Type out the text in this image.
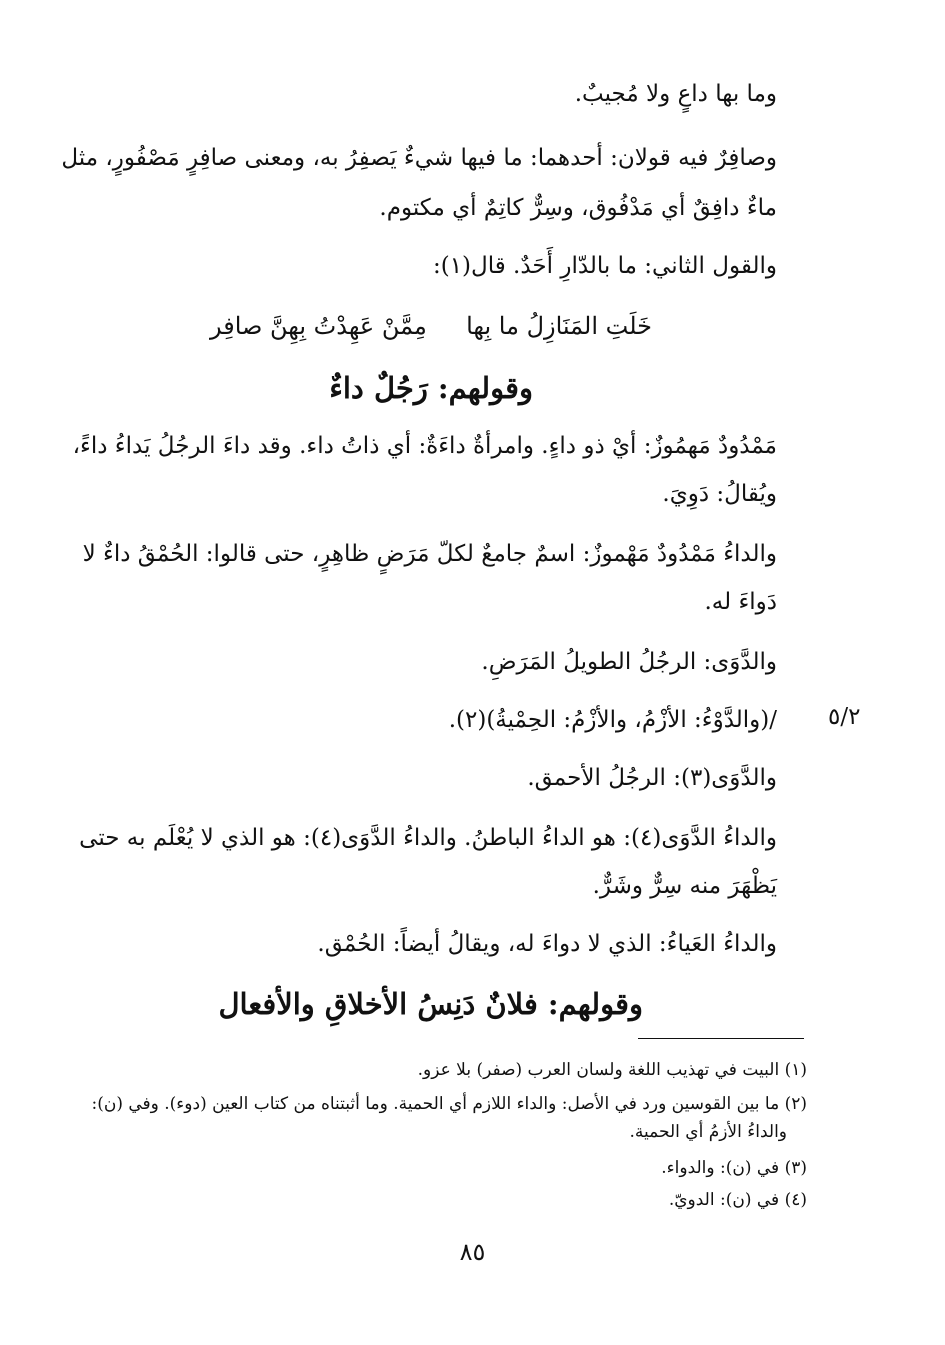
وما بها داعٍ ولا مُجيبٌ.
وصافِرٌ فيه قولان: أحدهما: ما فيها شيءٌ يَصفِرُ به، ومعنى صافِرٍ مَصْفُورٍ، مثل
ماءٌ دافِقٌ أي مَدْفُوق، وسِرٌّ كاتِمٌ أي مكتوم.
والقول الثاني: ما بالدّارِ أَحَدٌ. قال(١):
خَلَتِ المَنَازِلُ ما بِها
مِمَّنْ عَهِدْتُ بِهِنَّ صافِر
وقولهم: رَجُلٌ داءٌ
مَمْدُودٌ مَهمُوزٌ: أيْ ذو داءٍ. وامرأةٌ داءَةٌ: أي ذاتُ داء. وقد داءَ الرجُلُ يَداءُ داءً،
ويُقالُ: دَوِيَ.
والداءُ مَمْدُودٌ مَهْموزٌ: اسمٌ جامعٌ لكلّ مَرَضٍ ظاهِرٍ، حتى قالوا: الحُمْقُ داءٌ لا
دَواءَ له.
والدَّوَى: الرجُلُ الطويلُ المَرَضِ.
٥/٢
/(والدَّوْءُ: الأزْمُ، والأزْمُ: الحِمْيةُ)(٢).
والدَّوَى(٣): الرجُلُ الأحمق.
والداءُ الدَّوَى(٤): هو الداءُ الباطنُ. والداءُ الدَّوَى(٤): هو الذي لا يُعْلَم به حتى
يَظْهَرَ منه سِرٌّ وشَرٌّ.
والداءُ العَياءُ: الذي لا دواءَ له، ويقالُ أيضاً: الحُمْق.
وقولهم: فلانٌ دَنِسُ الأخلاقِ والأفعال
(١) البيت في تهذيب اللغة ولسان العرب (صفر) بلا عزو.
(٢) ما بين القوسين ورد في الأصل: والداء اللازم أي الحمية. وما أثبتناه من كتاب العين (دوء). وفي (ن):
والداءُ الأزمُ أي الحمية.
(٣) في (ن): والدواء.
(٤) في (ن): الدويّ.
٨٥
